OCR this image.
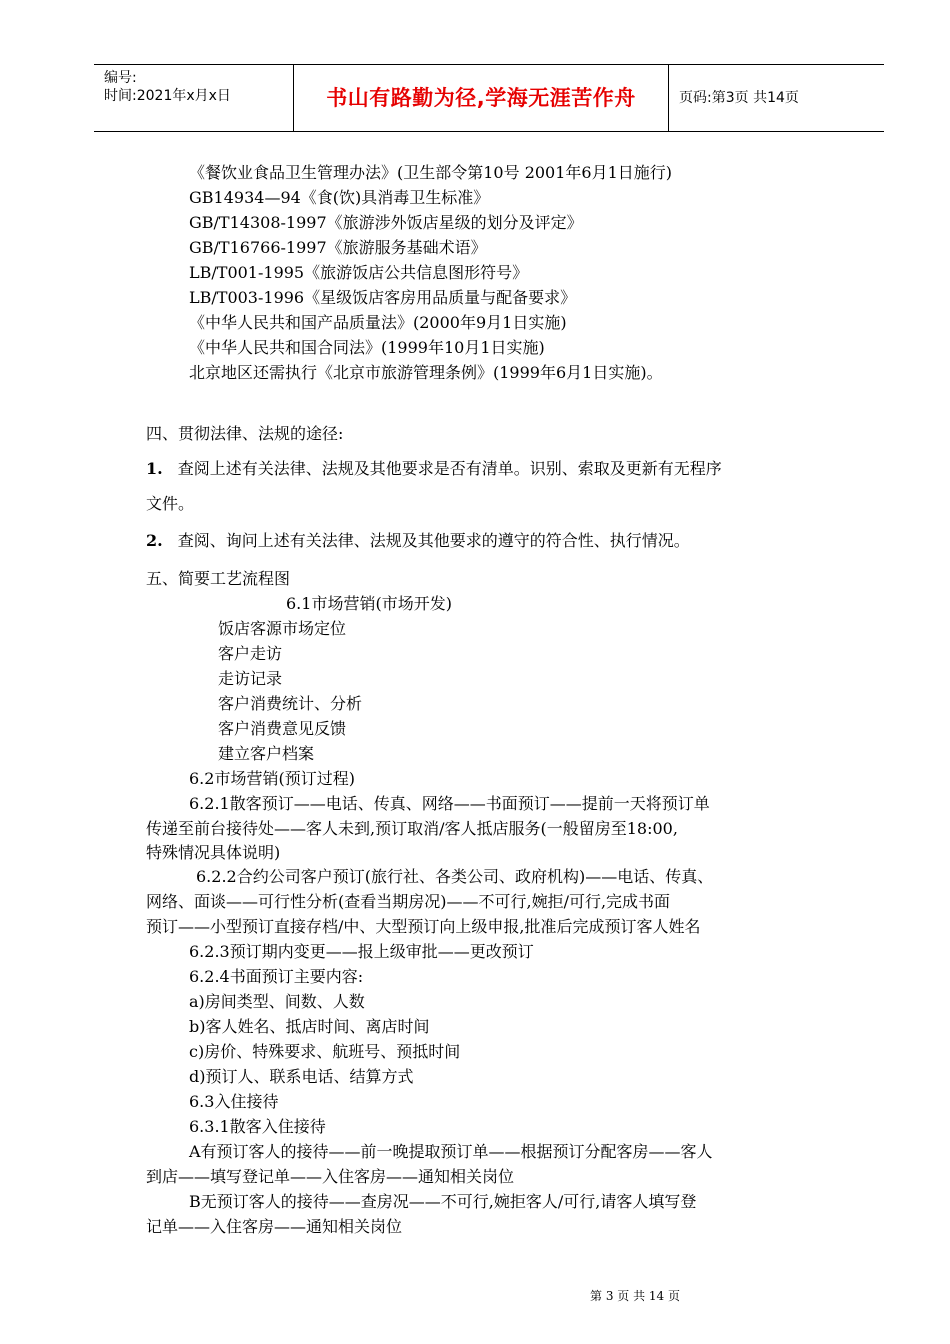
编号:
时间:2021年x月x日	书山有路勤为径,学海无涯苦作舟	页码:第3页 共14页
《餐饮业食品卫生管理办法》(卫生部令第10号 2001年6月1日施行)
GB14934—94《食(饮)具消毒卫生标准》
GB/T14308-1997《旅游涉外饭店星级的划分及评定》
GB/T16766-1997《旅游服务基础术语》
LB/T001-1995《旅游饭店公共信息图形符号》
LB/T003-1996《星级饭店客房用品质量与配备要求》
《中华人民共和国产品质量法》(2000年9月1日实施)
《中华人民共和国合同法》(1999年10月1日实施)
北京地区还需执行《北京市旅游管理条例》(1999年6月1日实施)。
四、贯彻法律、法规的途径:
1. 查阅上述有关法律、法规及其他要求是否有清单。识别、索取及更新有无程序
文件。
2. 查阅、询问上述有关法律、法规及其他要求的遵守的符合性、执行情况。
五、简要工艺流程图
6.1市场营销(市场开发)
饭店客源市场定位
客户走访
走访记录
客户消费统计、分析
客户消费意见反馈
建立客户档案
6.2市场营销(预订过程)
6.2.1散客预订——电话、传真、网络——书面预订——提前一天将预订单
传递至前台接待处——客人未到,预订取消/客人抵店服务(一般留房至18:00,
特殊情况具体说明)
6.2.2合约公司客户预订(旅行社、各类公司、政府机构)——电话、传真、
网络、面谈——可行性分析(查看当期房况)——不可行,婉拒/可行,完成书面
预订——小型预订直接存档/中、大型预订向上级申报,批准后完成预订客人姓名
6.2.3预订期内变更——报上级审批——更改预订
6.2.4书面预订主要内容:
a)房间类型、间数、人数
b)客人姓名、抵店时间、离店时间
c)房价、特殊要求、航班号、预抵时间
d)预订人、联系电话、结算方式
6.3入住接待
6.3.1散客入住接待
A有预订客人的接待——前一晚提取预订单——根据预订分配客房——客人
到店——填写登记单——入住客房——通知相关岗位
B无预订客人的接待——查房况——不可行,婉拒客人/可行,请客人填写登
记单——入住客房——通知相关岗位
第 3 页 共 14 页
